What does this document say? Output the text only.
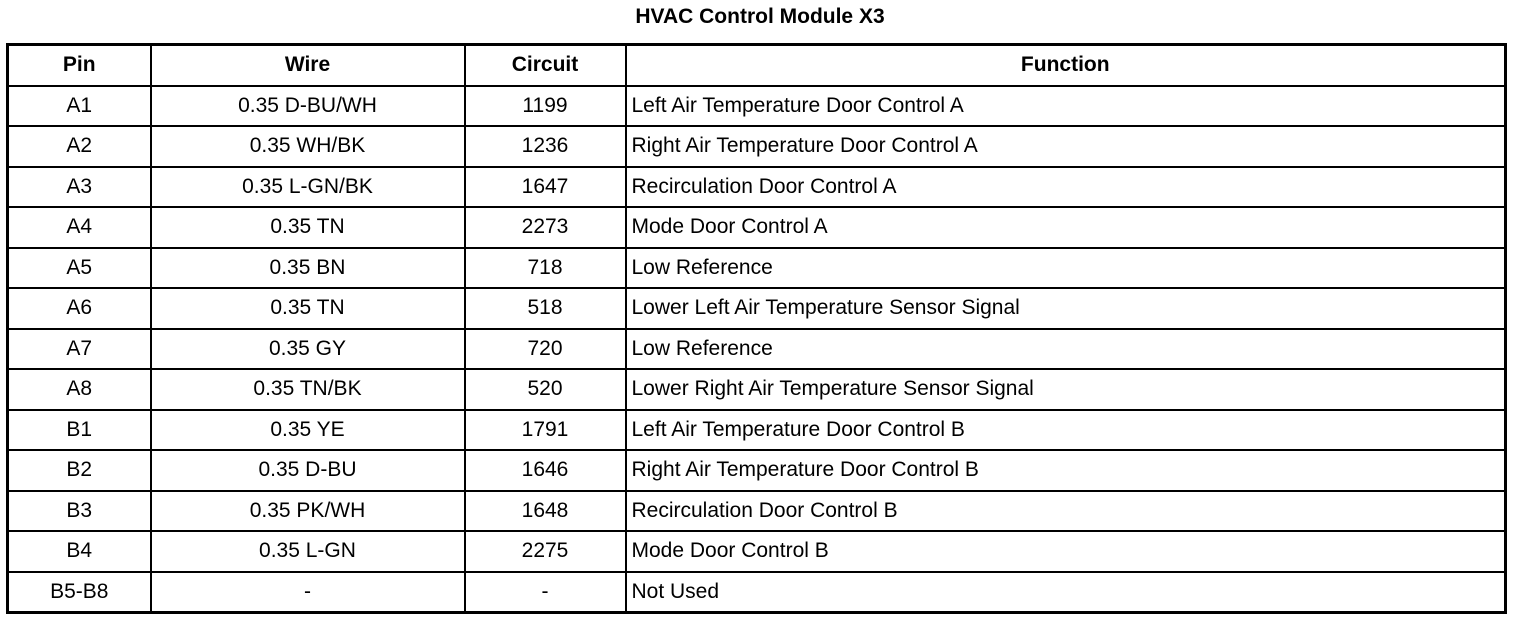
HVAC Control Module X3
Pin	Wire	Circuit	Function
A1	0.35 D-BU/WH	1199	Left Air Temperature Door Control A
A2	0.35 WH/BK	1236	Right Air Temperature Door Control A
A3	0.35 L-GN/BK	1647	Recirculation Door Control A
A4	0.35 TN	2273	Mode Door Control A
A5	0.35 BN	718	Low Reference
A6	0.35 TN	518	Lower Left Air Temperature Sensor Signal
A7	0.35 GY	720	Low Reference
A8	0.35 TN/BK	520	Lower Right Air Temperature Sensor Signal
B1	0.35 YE	1791	Left Air Temperature Door Control B
B2	0.35 D-BU	1646	Right Air Temperature Door Control B
B3	0.35 PK/WH	1648	Recirculation Door Control B
B4	0.35 L-GN	2275	Mode Door Control B
B5-B8	-	-	Not Used
